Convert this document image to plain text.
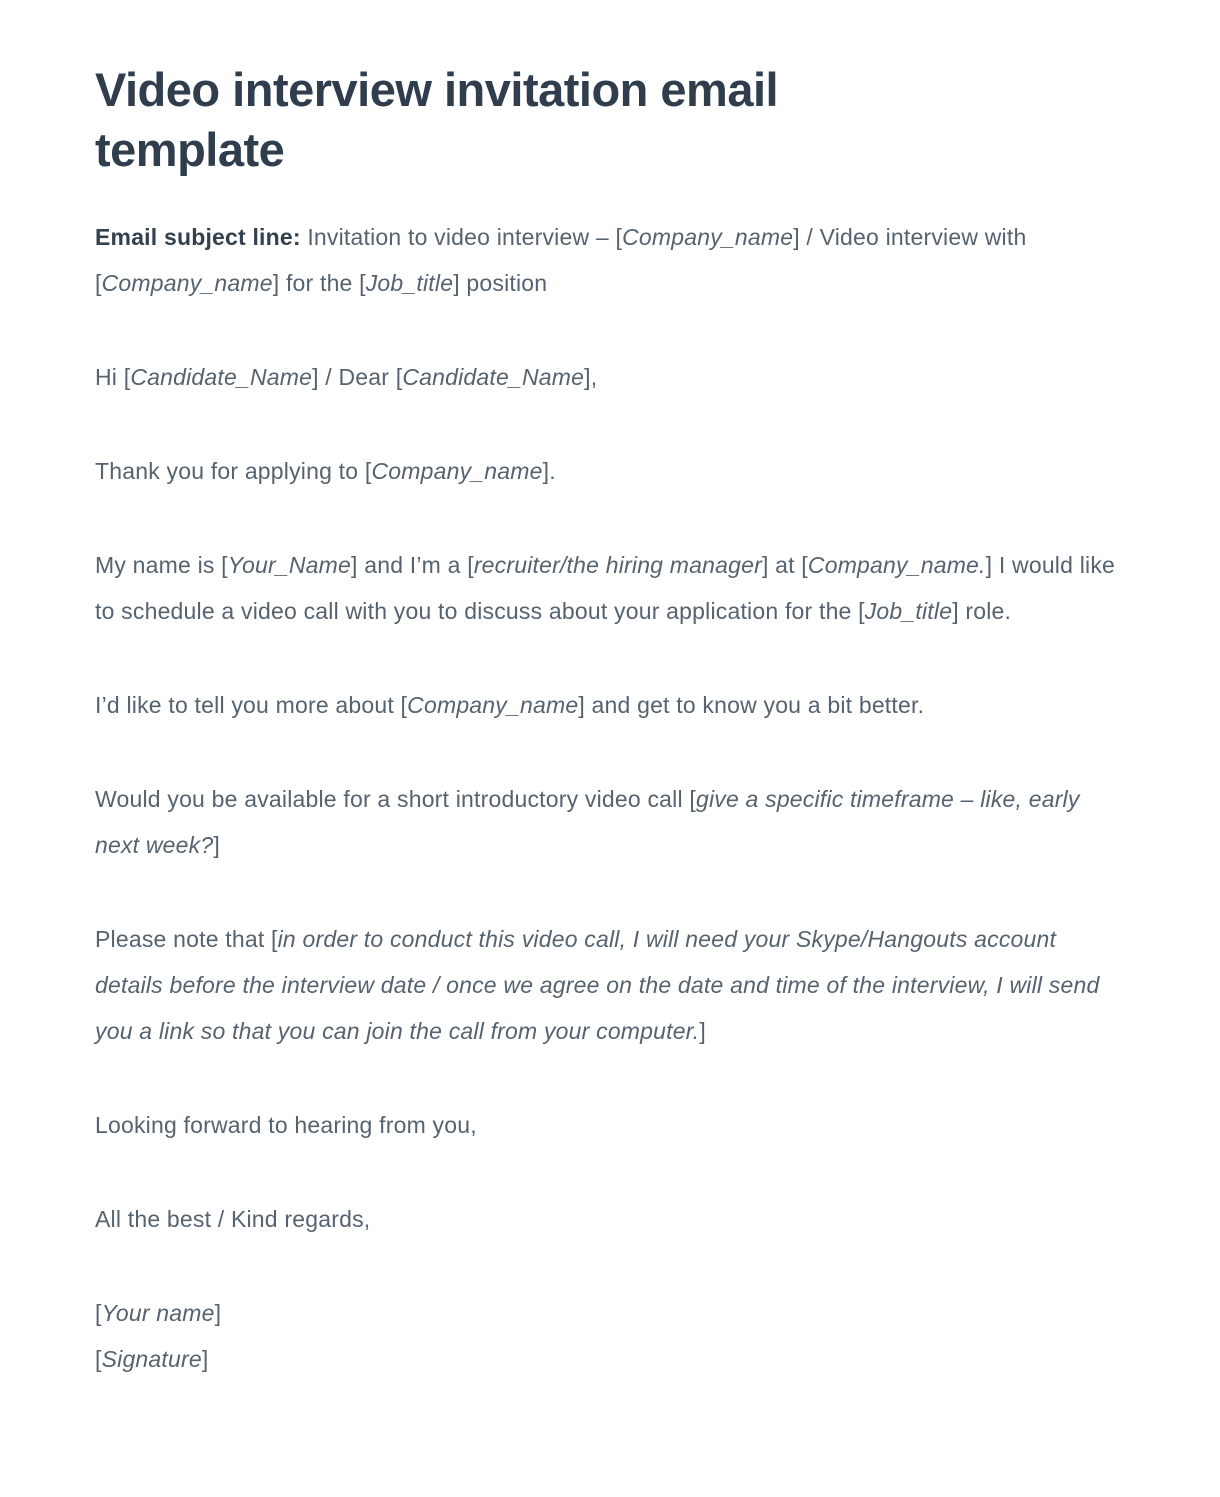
Video interview invitation email template

Email subject line: Invitation to video interview – [Company_name] / Video interview with [Company_name] for the [Job_title] position

Hi [Candidate_Name] / Dear [Candidate_Name],

Thank you for applying to [Company_name].

My name is [Your_Name] and I’m a [recruiter/the hiring manager] at [Company_name.] I would like to schedule a video call with you to discuss about your application for the [Job_title] role.

I’d like to tell you more about [Company_name] and get to know you a bit better.

Would you be available for a short introductory video call [give a specific timeframe – like, early next week?]

Please note that [in order to conduct this video call, I will need your Skype/Hangouts account details before the interview date / once we agree on the date and time of the interview, I will send you a link so that you can join the call from your computer.]

Looking forward to hearing from you,

All the best / Kind regards,

[Your name]
[Signature]
